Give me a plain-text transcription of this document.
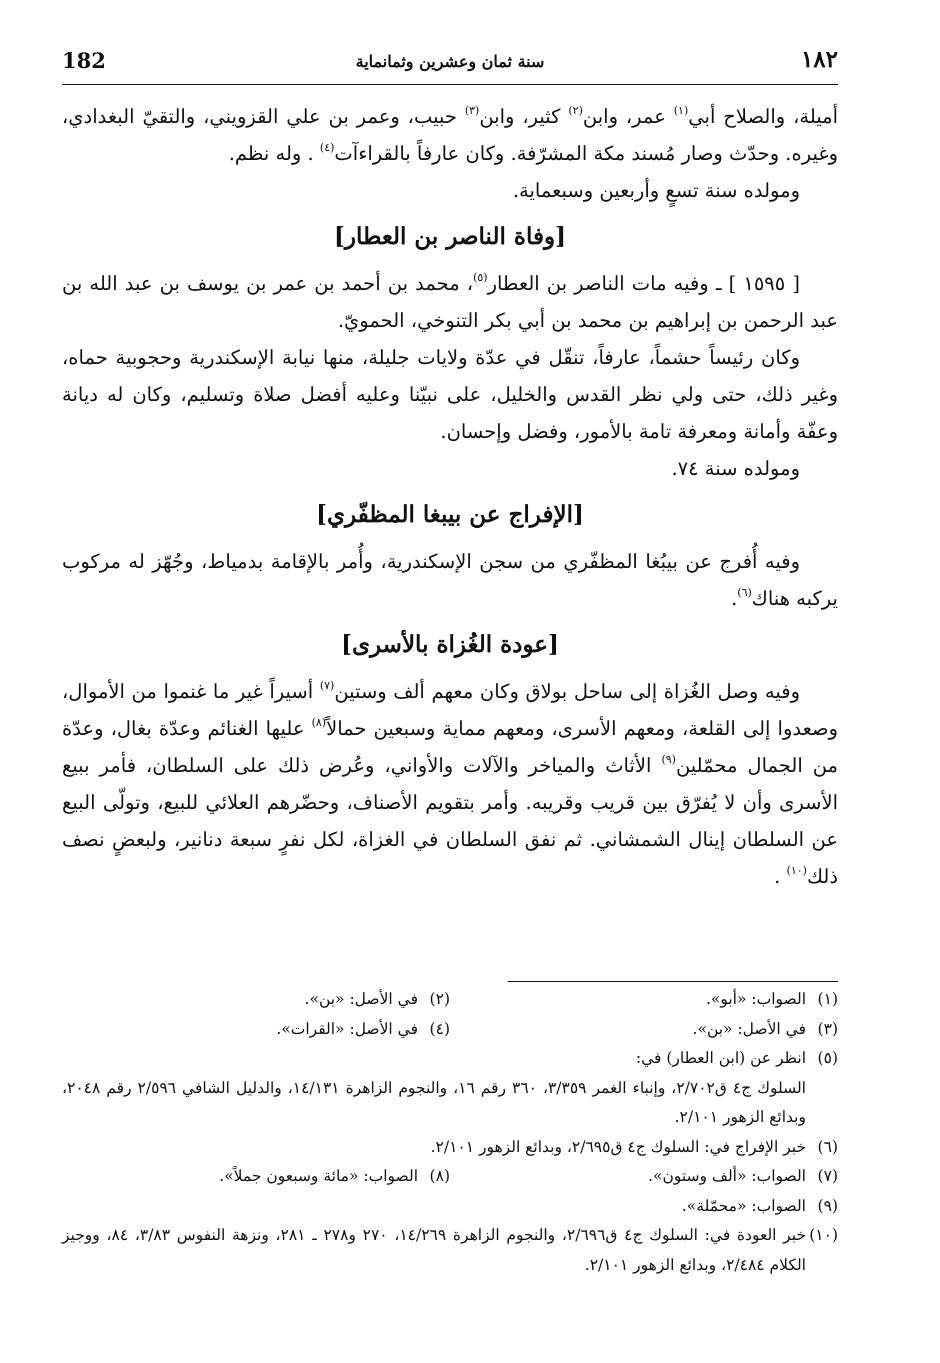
182	سنة ثمان وعشرين وثمانماية	١٨٢

أميلة، والصلاح أبي$^{(١)}$ عمر، وابن$^{(٢)}$ كثير، وابن$^{(٣)}$ حبيب، وعمر بن علي القزويني، والتقيّ البغدادي، وغيره. وحدّث وصار مُسند مكة المشرّفة. وكان عارفاً بالقراءآت$^{(٤)}$ . وله نظم.

ومولده سنة تسعٍ وأربعين وسبعماية.

[وفاة الناصر بن العطار]

[ ١٥٩٥ ] ـ وفيه مات الناصر بن العطار$^{(٥)}$، محمد بن أحمد بن عمر بن يوسف بن عبد الله بن عبد الرحمن بن إبراهيم بن محمد بن أبي بكر التنوخي، الحمويّ.

وكان رئيساً حشماً، عارفاً، تنقّل في عدّة ولايات جليلة، منها نيابة الإسكندرية وحجوبية حماه، وغير ذلك، حتى ولي نظر القدس والخليل، على نبيّنا وعليه أفضل صلاة وتسليم، وكان له ديانة وعفّة وأمانة ومعرفة تامة بالأمور، وفضل وإحسان.

ومولده سنة ٧٤.

[الإفراج عن بيبغا المظفّري]

وفيه أُفرج عن بيبُغا المظفّري من سجن الإسكندرية، وأُمر بالإقامة بدمياط، وجُهّز له مركوب يركبه هناك$^{(٦)}$.

[عودة الغُزاة بالأسرى]

وفيه وصل الغُزاة إلى ساحل بولاق وكان معهم ألف وستين$^{(٧)}$ أسيراً غير ما غنموا من الأموال، وصعدوا إلى القلعة، ومعهم الأسرى، ومعهم مماية وسبعين حمالاً$^{(٨)}$ عليها الغنائم وعدّة بغال، وعدّة من الجمال محمّلين$^{(٩)}$ الأثاث والمياخر والآلات والأواني، وعُرض ذلك على السلطان، فأمر ببيع الأسرى وأن لا يُفرّق بين قريب وقريبه. وأمر بتقويم الأصناف، وحضّرهم العلائي للبيع، وتولّى البيع عن السلطان إينال الشمشاني. ثم نفق السلطان في الغزاة، لكل نفرٍ سبعة دنانير، ولبعضٍ نصف ذلك$^{(١٠)}$ .

(١)
الصواب: «أبو».
(٢)
في الأصل: «بن».
(٣)
في الأصل: «بن».
(٤)
في الأصل: «القرات».
(٥)
انظر عن (ابن العطار) في:
السلوك ج٤ ق٢/٧٠٢، وإنباء الغمر ٣/٣٥٩، ٣٦٠ رقم ١٦، والنجوم الزاهرة ١٤/١٣١، والدليل الشافي ٢/٥٩٦ رقم ٢٠٤٨، وبدائع الزهور ٢/١٠١.
(٦)
خبر الإفراج في: السلوك ج٤ ق٢/٦٩٥، وبدائع الزهور ٢/١٠١.
(٧)
الصواب: «ألف وستون».
(٨)
الصواب: «مائة وسبعون جملاً».
(٩)
الصواب: «محمّلة».
(١٠)
خبر العودة في: السلوك ج٤ ق٢/٦٩٦، والنجوم الزاهرة ١٤/٢٦٩، ٢٧٠ و٢٧٨ ـ ٢٨١، ونزهة النفوس ٣/٨٣، ٨٤، ووجيز الكلام ٢/٤٨٤، وبدائع الزهور ٢/١٠١.
